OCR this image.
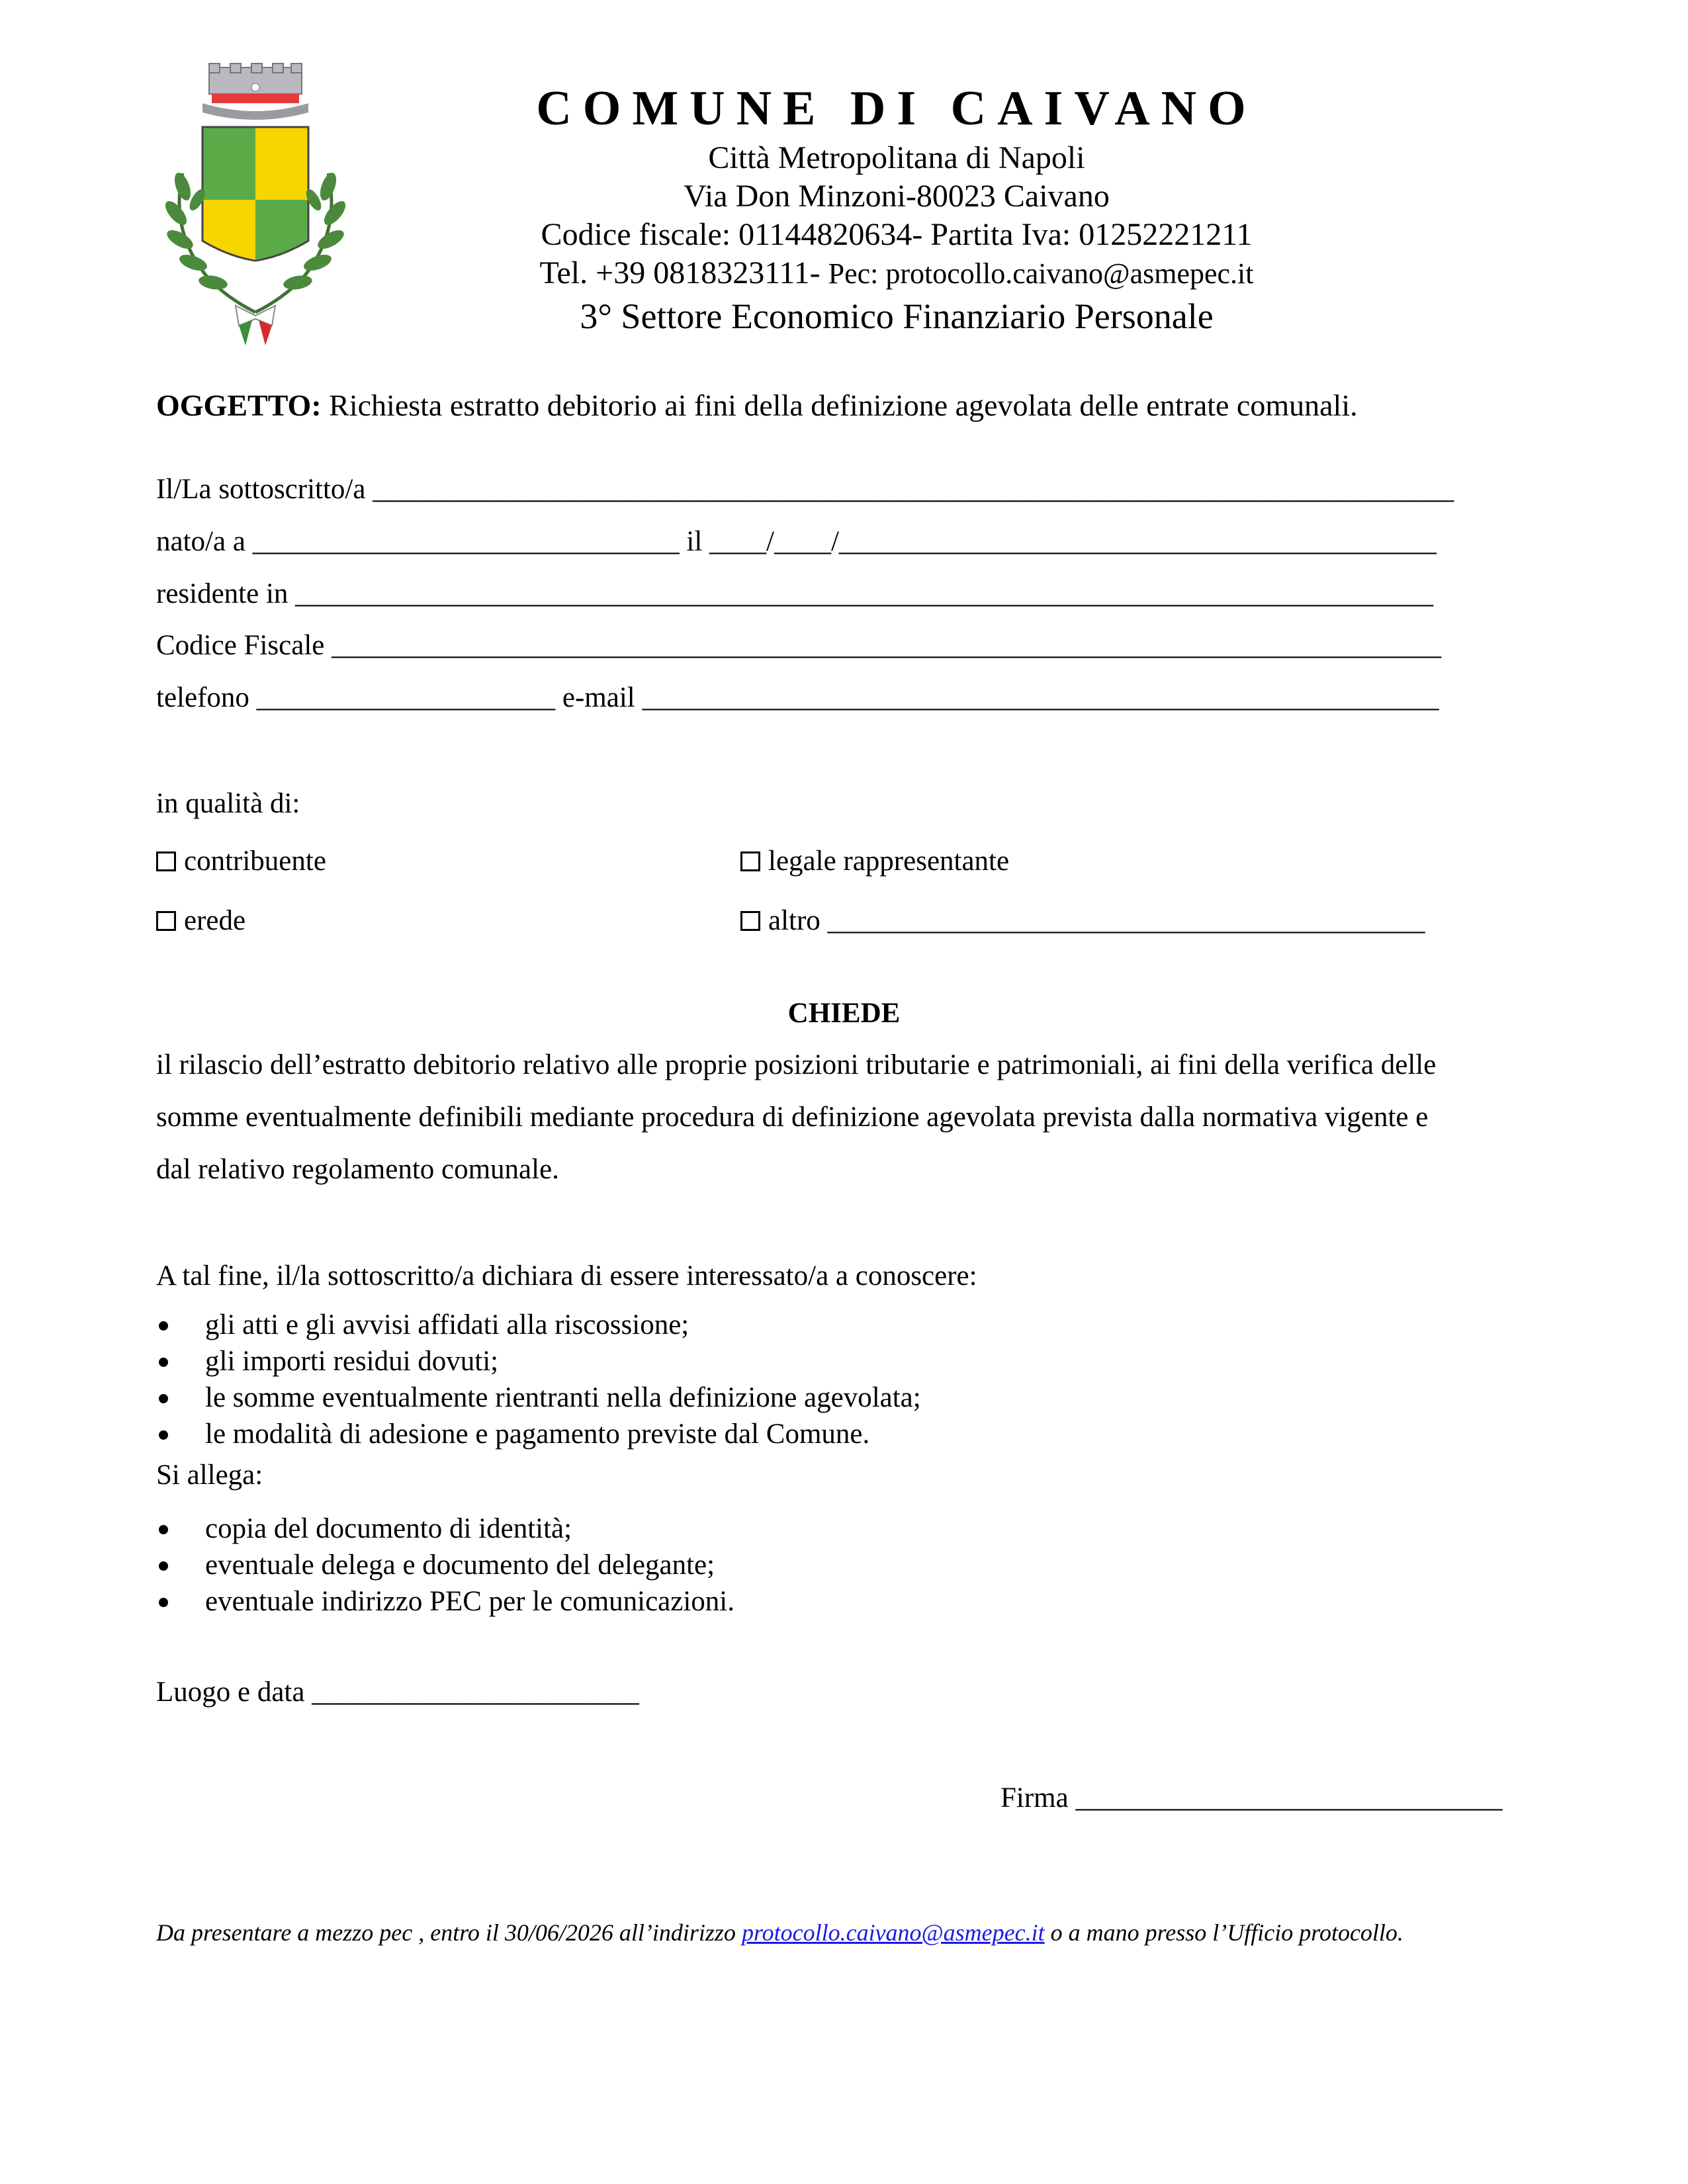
COMUNE DI CAIVANO
Città Metropolitana di Napoli
Via Don Minzoni-80023 Caivano
Codice fiscale: 01144820634- Partita Iva: 01252221211
Tel. +39 0818323111- Pec: protocollo.caivano@asmepec.it
3° Settore Economico Finanziario Personale
OGGETTO: Richiesta estratto debitorio ai fini della definizione agevolata delle entrate comunali.
Il/La sottoscritto/a ____________________________________________________________________________
nato/a a ______________________________ il ____/____/__________________________________________
residente in ________________________________________________________________________________
Codice Fiscale ______________________________________________________________________________
telefono _____________________ e-mail ________________________________________________________
in qualità di:
contribuente	legale rappresentante
erede	altro __________________________________________
CHIEDE
il rilascio dell’estratto debitorio relativo alle proprie posizioni tributarie e patrimoniali, ai fini della verifica delle
somme eventualmente definibili mediante procedura di definizione agevolata prevista dalla normativa vigente e
dal relativo regolamento comunale.
A tal fine, il/la sottoscritto/a dichiara di essere interessato/a a conoscere:
gli atti e gli avvisi affidati alla riscossione;
gli importi residui dovuti;
le somme eventualmente rientranti nella definizione agevolata;
le modalità di adesione e pagamento previste dal Comune.
Si allega:
copia del documento di identità;
eventuale delega e documento del delegante;
eventuale indirizzo PEC per le comunicazioni.
Luogo e data _______________________
Firma ______________________________
Da presentare a mezzo pec , entro il 30/06/2026 all’indirizzo protocollo.caivano@asmepec.it o a mano presso l’Ufficio protocollo.
